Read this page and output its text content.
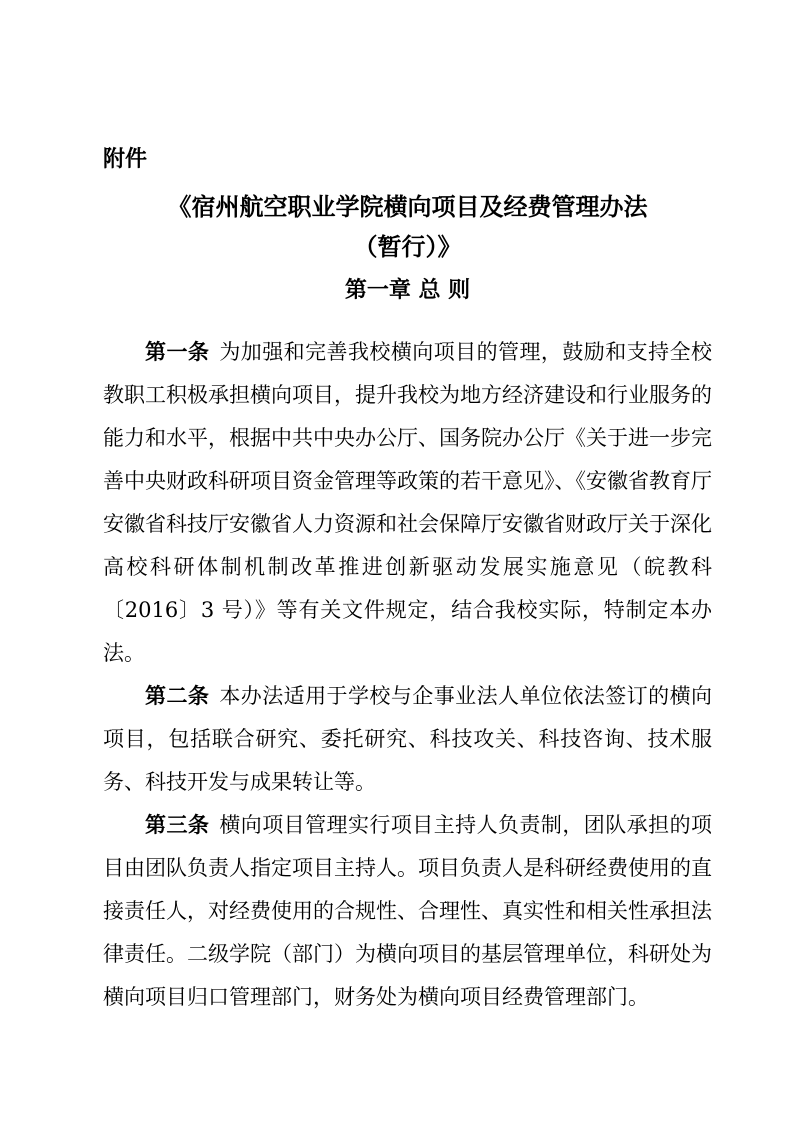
附件
《宿州航空职业学院横向项目及经费管理办法
（暂行）》
第一章 总 则

第一条 为加强和完善我校横向项目的管理，鼓励和支持全校教职工积极承担横向项目，提升我校为地方经济建设和行业服务的能力和水平，根据中共中央办公厅、国务院办公厅《关于进一步完善中央财政科研项目资金管理等政策的若干意见》、《安徽省教育厅安徽省科技厅安徽省人力资源和社会保障厅安徽省财政厅关于深化高校科研体制机制改革推进创新驱动发展实施意见（皖教科〔2016〕3 号）》等有关文件规定，结合我校实际，特制定本办法。

第二条 本办法适用于学校与企事业法人单位依法签订的横向项目，包括联合研究、委托研究、科技攻关、科技咨询、技术服务、科技开发与成果转让等。

第三条 横向项目管理实行项目主持人负责制，团队承担的项目由团队负责人指定项目主持人。项目负责人是科研经费使用的直接责任人，对经费使用的合规性、合理性、真实性和相关性承担法律责任。二级学院（部门）为横向项目的基层管理单位，科研处为横向项目归口管理部门，财务处为横向项目经费管理部门。
